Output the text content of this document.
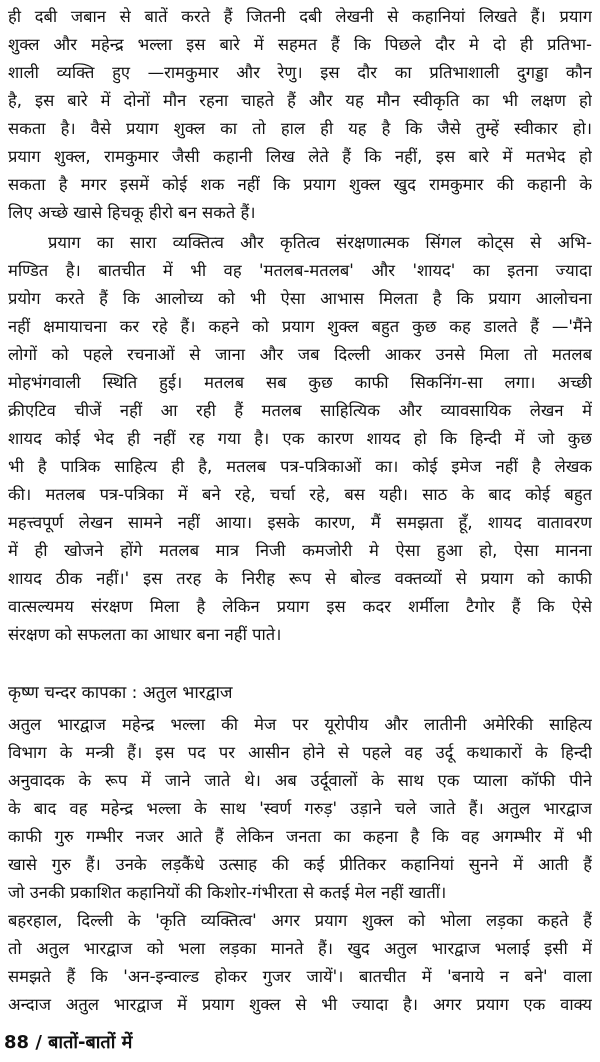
ही दबी जबान से बातें करते हैं जितनी दबी लेखनी से कहानियां लिखते हैं। प्रयाग
शुक्ल और महेन्द्र भल्ला इस बारे में सहमत हैं कि पिछले दौर मे दो ही प्रतिभा-
शाली व्यक्ति हुए —रामकुमार और रेणु। इस दौर का प्रतिभाशाली दुगड्डा कौन
है, इस बारे में दोनों मौन रहना चाहते हैं और यह मौन स्वीकृति का भी लक्षण हो
सकता है। वैसे प्रयाग शुक्ल का तो हाल ही यह है कि जैसे तुम्हें स्वीकार हो।
प्रयाग शुक्ल, रामकुमार जैसी कहानी लिख लेते हैं कि नहीं, इस बारे में मतभेद हो
सकता है मगर इसमें कोई शक नहीं कि प्रयाग शुक्ल खुद रामकुमार की कहानी के
लिए अच्छे खासे हिचकू हीरो बन सकते हैं।
प्रयाग का सारा व्यक्तित्व और कृतित्व संरक्षणात्मक सिंगल कोट्स से अभि-
मण्डित है। बातचीत में भी वह 'मतलब-मतलब' और 'शायद' का इतना ज्यादा
प्रयोग करते हैं कि आलोच्य को भी ऐसा आभास मिलता है कि प्रयाग आलोचना
नहीं क्षमायाचना कर रहे हैं। कहने को प्रयाग शुक्ल बहुत कुछ कह डालते हैं —'मैंने
लोगों को पहले रचनाओं से जाना और जब दिल्ली आकर उनसे मिला तो मतलब
मोहभंगवाली स्थिति हुई। मतलब सब कुछ काफी सिकनिंग-सा लगा। अच्छी
क्रीएटिव चीजें नहीं आ रही हैं मतलब साहित्यिक और व्यावसायिक लेखन में
शायद कोई भेद ही नहीं रह गया है। एक कारण शायद हो कि हिन्दी में जो कुछ
भी है पात्रिक साहित्य ही है, मतलब पत्र-पत्रिकाओं का। कोई इमेज नहीं है लेखक
की। मतलब पत्र-पत्रिका में बने रहे, चर्चा रहे, बस यही। साठ के बाद कोई बहुत
महत्त्वपूर्ण लेखन सामने नहीं आया। इसके कारण, मैं समझता हूँ, शायद वातावरण
में ही खोजने होंगे मतलब मात्र निजी कमजोरी मे ऐसा हुआ हो, ऐसा मानना
शायद ठीक नहीं।' इस तरह के निरीह रूप से बोल्ड वक्तव्यों से प्रयाग को काफी
वात्सल्यमय संरक्षण मिला है लेकिन प्रयाग इस कदर शर्मीला टैगोर हैं कि ऐसे
संरक्षण को सफलता का आधार बना नहीं पाते।
कृष्ण चन्दर कापका : अतुल भारद्वाज
अतुल भारद्वाज महेन्द्र भल्ला की मेज पर यूरोपीय और लातीनी अमेरिकी साहित्य
विभाग के मन्त्री हैं। इस पद पर आसीन होने से पहले वह उर्दू कथाकारों के हिन्दी
अनुवादक के रूप में जाने जाते थे। अब उर्दूवालों के साथ एक प्याला कॉफी पीने
के बाद वह महेन्द्र भल्ला के साथ 'स्वर्ण गरुड़' उड़ाने चले जाते हैं। अतुल भारद्वाज
काफी गुरु गम्भीर नजर आते हैं लेकिन जनता का कहना है कि वह अगम्भीर में भी
खासे गुरु हैं। उनके लड़कैंधे उत्साह की कई प्रीतिकर कहानियां सुनने में आती हैं
जो उनकी प्रकाशित कहानियों की किशोर-गंभीरता से कतई मेल नहीं खातीं।
बहरहाल, दिल्ली के 'कृति व्यक्तित्व' अगर प्रयाग शुक्ल को भोला लड़का कहते हैं
तो अतुल भारद्वाज को भला लड़का मानते हैं। खुद अतुल भारद्वाज भलाई इसी में
समझते हैं कि 'अन-इन्वाल्ड होकर गुजर जायें'। बातचीत में 'बनाये न बने' वाला
अन्दाज अतुल भारद्वाज में प्रयाग शुक्ल से भी ज्यादा है। अगर प्रयाग एक वाक्य
88 / बातों-बातों में
